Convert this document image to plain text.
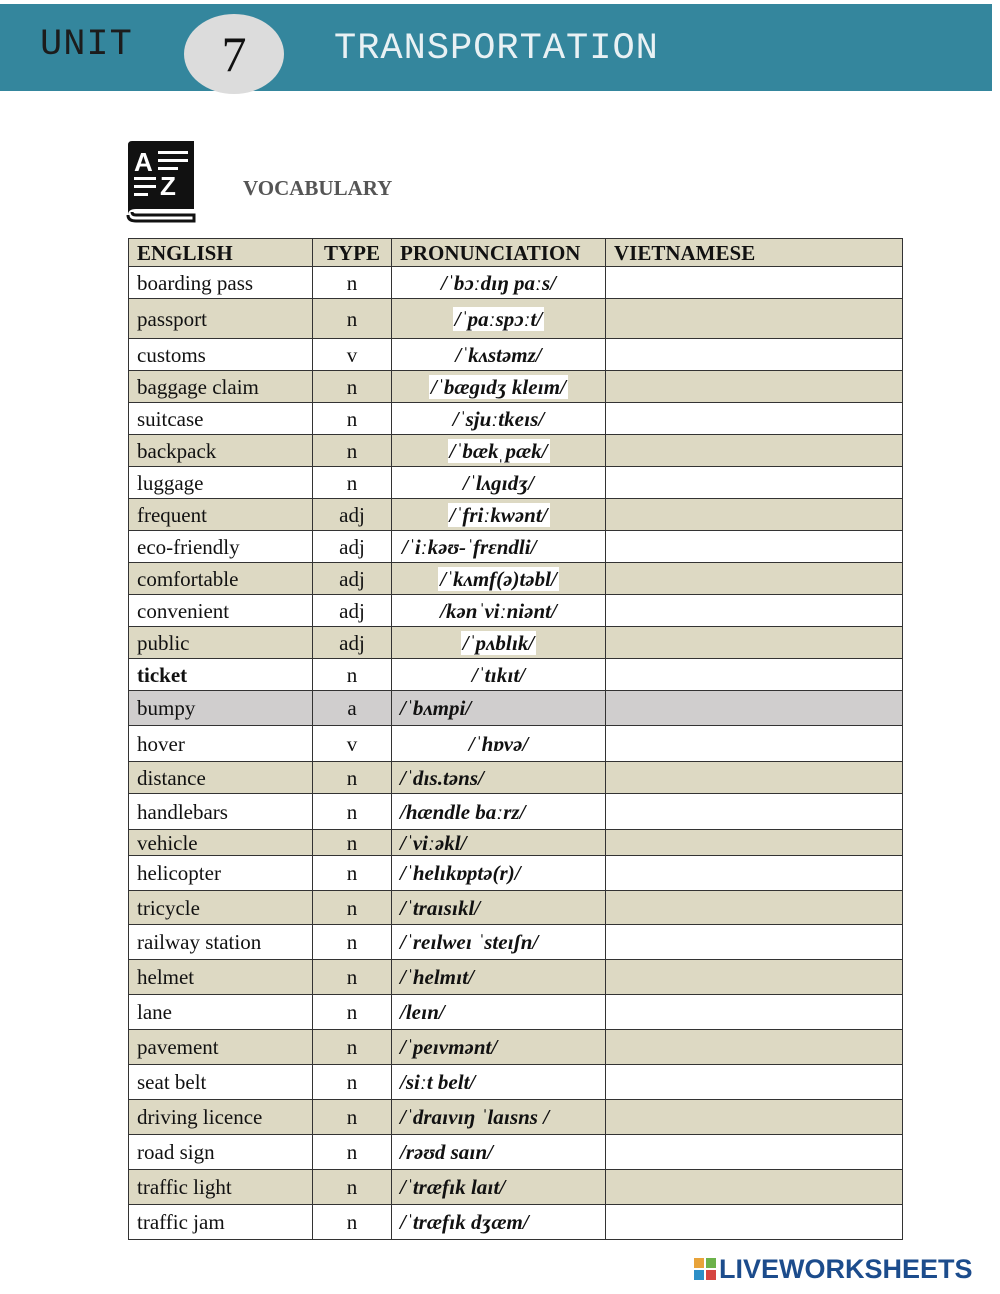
UNIT 7 TRANSPORTATION
A
Z	VOCABULARY
ENGLISH	TYPE	PRONUNCIATION	VIETNAMESE
boarding pass	n	/ˈbɔːdɪŋ pɑːs/	
passport	n	/ˈpɑːspɔːt/	
customs	v	/ˈkʌstəmz/	
baggage claim	n	/ˈbæɡɪdʒ kleɪm/	
suitcase	n	/ˈsjuːtkeɪs/	
backpack	n	/ˈbækˌpæk/	
luggage	n	/ˈlʌɡɪdʒ/	
frequent	adj	/ˈfriːkwənt/	
eco-friendly	adj	/ˈiːkəʊ-ˈfrɛndli/	
comfortable	adj	/ˈkʌmf(ə)təbl/	
convenient	adj	/kənˈviːniənt/	
public	adj	/ˈpʌblɪk/	
ticket	n	/ˈtɪkɪt/	
bumpy	a	/ˈbʌmpi/	
hover	v	/ˈhɒvə/	
distance	n	/ˈdɪs.təns/	
handlebars	n	/hændle bɑːrz/	
vehicle	n	/ˈviːəkl/	
helicopter	n	/ˈhelɪkɒptə(r)/	
tricycle	n	/ˈtraɪsɪkl/	
railway station	n	/ˈreɪlweɪ ˈsteɪʃn/	
helmet	n	/ˈhelmɪt/	
lane	n	/leɪn/	
pavement	n	/ˈpeɪvmənt/	
seat belt	n	/siːt belt/	
driving licence	n	/ˈdraɪvɪŋ ˈlaɪsns /	
road sign	n	/rəʊd saɪn/	
traffic light	n	/ˈtræfɪk laɪt/	
traffic jam	n	/ˈtræfɪk dʒæm/	
LIVEWORKSHEETS
